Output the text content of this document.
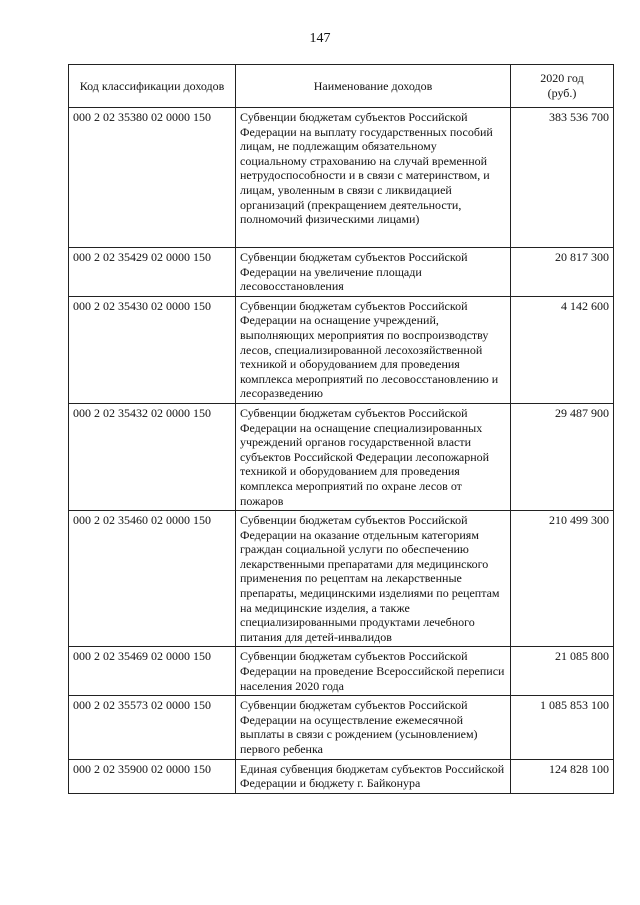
147
Код классификации доходов	Наименование доходов	2020 год
(руб.)

000 2 02 35380 02 0000 150	Субвенции бюджетам субъектов Российской Федерации на выплату государственных пособий лицам, не подлежащим обязательному социальному страхованию на случай временной нетрудоспособности и в связи с материнством, и лицам, уволенным в связи с ликвидацией организаций (прекращением деятельности, полномочий физическими лицами)	383 536 700
000 2 02 35429 02 0000 150	Субвенции бюджетам субъектов Российской Федерации на увеличение площади лесовосстановления	20 817 300
000 2 02 35430 02 0000 150	Субвенции бюджетам субъектов Российской Федерации на оснащение учреждений, выполняющих мероприятия по воспроизводству лесов, специализированной лесохозяйственной техникой и оборудованием для проведения комплекса мероприятий по лесовосстановлению и лесоразведению	4 142 600
000 2 02 35432 02 0000 150	Субвенции бюджетам субъектов Российской Федерации на оснащение специализированных учреждений органов государственной власти субъектов Российской Федерации лесопожарной техникой и оборудованием для проведения комплекса мероприятий по охране лесов от пожаров	29 487 900
000 2 02 35460 02 0000 150	Субвенции бюджетам субъектов Российской Федерации на оказание отдельным категориям граждан социальной услуги по обеспечению лекарственными препаратами для медицинского применения по рецептам на лекарственные препараты, медицинскими изделиями по рецептам на медицинские изделия, а также специализированными продуктами лечебного питания для детей-инвалидов	210 499 300
000 2 02 35469 02 0000 150	Субвенции бюджетам субъектов Российской Федерации на проведение Всероссийской переписи населения 2020 года	21 085 800
000 2 02 35573 02 0000 150	Субвенции бюджетам субъектов Российской Федерации на осуществление ежемесячной выплаты в связи с рождением (усыновлением) первого ребенка	1 085 853 100
000 2 02 35900 02 0000 150	Единая субвенция бюджетам субъектов Российской Федерации и бюджету г. Байконура	124 828 100
